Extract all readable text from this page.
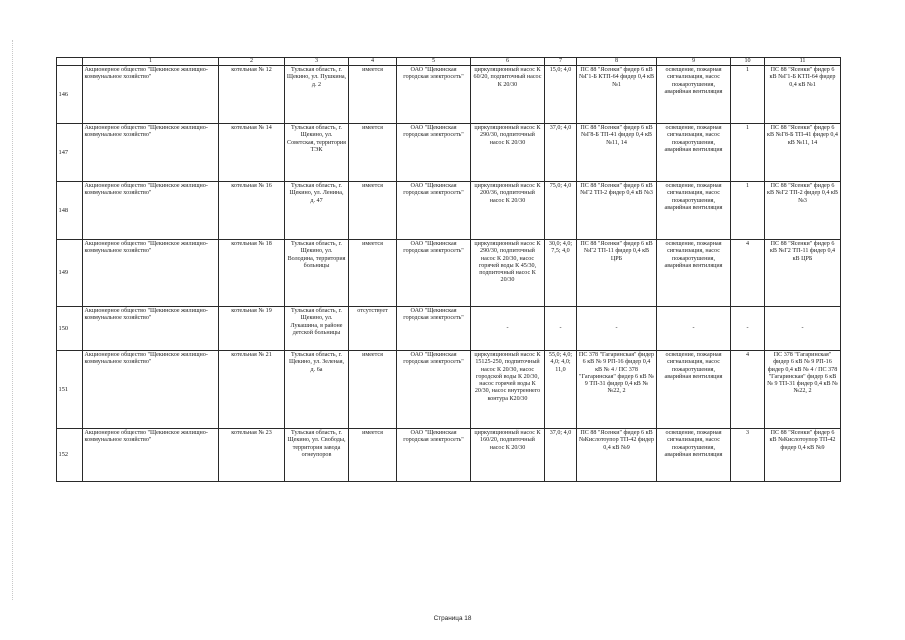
	1	2	3	4	5	6	7	8	9	10	11
146	Акционерное общество "Щекинское жилищно-коммунальное хозяйство"	котельная № 12	Тульская область, г. Щекино, ул. Пушкина, д. 2	имеется	ОАО "Щекинская городская электросеть"	циркуляционный насос К 60/20, подпиточный насос К 20/30	15,0; 4,0	ПС 88 "Ясенки" фидер 6 кВ №Г1-Б КТП-64 фидер 0,4 кВ №1	освещение, пожарная сигнализация, насос пожаротушения, аварийная вентиляция	1	ПС 88 "Ясенки" фидер 6 кВ №Г1-Б КТП-64 фидер 0,4 кВ №1
147	Акционерное общество "Щекинское жилищно-коммунальное хозяйство"	котельная № 14	Тульская область, г. Щекино, ул. Советская, территория ТЭК	имеется	ОАО "Щекинская городская электросеть"	циркуляционный насос К 290/30, подпиточный насос К 20/30	37,0; 4,0	ПС 88 "Ясенки" фидер 6 кВ №Г8-Б ТП-41 фидер 0,4 кВ №11, 14	освещение, пожарная сигнализация, насос пожаротушения, аварийная вентиляция	1	ПС 88 "Ясенки" фидер 6 кВ №Г8-Б ТП-41 фидер 0,4 кВ №11, 14
148	Акционерное общество "Щекинское жилищно-коммунальное хозяйство"	котельная № 16	Тульская область, г. Щекино, ул. Ленина, д. 47	имеется	ОАО "Щекинская городская электросеть"	циркуляционный насос К 200/36, подпиточный насос К 20/30	75,0; 4,0	ПС 88 "Ясенки" фидер 6 кВ №Г2 ТП-2 фидер 0,4 кВ №3	освещение, пожарная сигнализация, насос пожаротушения, аварийная вентиляция	1	ПС 88 "Ясенки" фидер 6 кВ №Г2 ТП-2 фидер 0,4 кВ №3
149	Акционерное общество "Щекинское жилищно-коммунальное хозяйство"	котельная № 18	Тульская область, г. Щекино, ул. Володина, территория больницы	имеется	ОАО "Щекинская городская электросеть"	циркуляционный насос К 290/30, подпиточный насос К 20/30, насос горячей воды К 45/30, подпиточный насос К 20/30	30,0; 4,0; 7,5; 4,0	ПС 88 "Ясенки" фидер 6 кВ №Г2 ТП-11 фидер 0,4 кВ ЦРБ	освещение, пожарная сигнализация, насос пожаротушения, аварийная вентиляция	4	ПС 88 "Ясенки" фидер 6 кВ №Г2 ТП-11 фидер 0,4 кВ ЦРБ
150	Акционерное общество "Щекинское жилищно-коммунальное хозяйство"	котельная № 19	Тульская область, г. Щекино, ул. Лукашина, в районе детской больницы	отсутствует	ОАО "Щекинская городская электросеть"	-	-	-	-	-	-
151	Акционерное общество "Щекинское жилищно-коммунальное хозяйство"	котельная № 21	Тульская область, г. Щекино, ул. Зеленая, д. 6а	имеется	ОАО "Щекинская городская электросеть"	циркуляционный насос К 15125-250, подпиточный насос К 20/30, насос городской воды К 20/30, насос горячей воды К 20/30, насос внутреннего контура К20/30	55,0; 4,0; 4,0; 4,0; 11,0	ПС 378 "Гагаринская" фидер 6 кВ № 9 РП-16 фидер 0,4 кВ № 4 / ПС 378 "Гагаринская" фидер 6 кВ № 9 ТП-31 фидер 0,4 кВ №№22, 2	освещение, пожарная сигнализация, насос пожаротушения, аварийная вентиляция	4	ПС 378 "Гагаринская" фидер 6 кВ № 9 РП-16 фидер 0,4 кВ № 4 / ПС 378 "Гагаринская" фидер 6 кВ № 9 ТП-31 фидер 0,4 кВ №№22, 2
152	Акционерное общество "Щекинское жилищно-коммунальное хозяйство"	котельная № 23	Тульская область, г. Щекино, ул. Свободы, территория завода огнеупоров	имеется	ОАО "Щекинская городская электросеть"	циркуляционный насос К 160/20, подпиточный насос К 20/30	37,0; 4,0	ПС 88 "Ясенки" фидер 6 кВ №Кислотоупор ТП-42 фидер 0,4 кВ №9	освещение, пожарная сигнализация, насос пожаротушения, аварийная вентиляция	3	ПС 88 "Ясенки" фидер 6 кВ №Кислотоупор ТП-42 фидер 0,4 кВ №9
Страница 18
